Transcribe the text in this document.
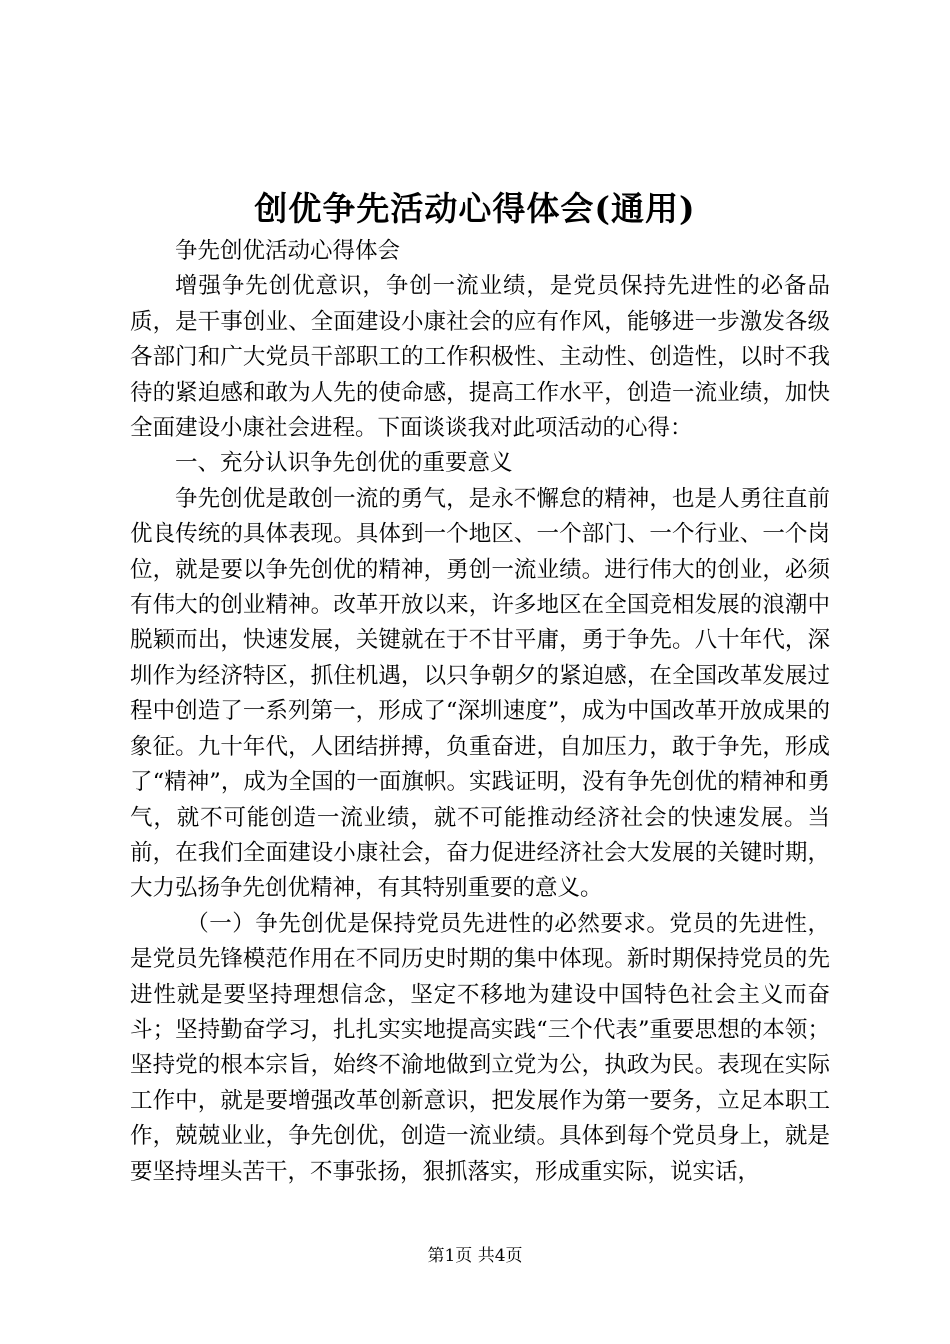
创优争先活动心得体会(通用)

争先创优活动心得体会

增强争先创优意识，争创一流业绩，是党员保持先进性的必备品质，是干事创业、全面建设小康社会的应有作风，能够进一步激发各级各部门和广大党员干部职工的工作积极性、主动性、创造性，以时不我待的紧迫感和敢为人先的使命感，提高工作水平，创造一流业绩，加快全面建设小康社会进程。下面谈谈我对此项活动的心得：

一、充分认识争先创优的重要意义

争先创优是敢创一流的勇气，是永不懈怠的精神，也是人勇往直前优良传统的具体表现。具体到一个地区、一个部门、一个行业、一个岗位，就是要以争先创优的精神，勇创一流业绩。进行伟大的创业，必须有伟大的创业精神。改革开放以来，许多地区在全国竞相发展的浪潮中脱颖而出，快速发展，关键就在于不甘平庸，勇于争先。八十年代，深圳作为经济特区，抓住机遇，以只争朝夕的紧迫感，在全国改革发展过程中创造了一系列第一，形成了“深圳速度”，成为中国改革开放成果的象征。九十年代，人团结拼搏，负重奋进，自加压力，敢于争先，形成了“精神”，成为全国的一面旗帜。实践证明，没有争先创优的精神和勇气，就不可能创造一流业绩，就不可能推动经济社会的快速发展。当前，在我们全面建设小康社会，奋力促进经济社会大发展的关键时期，大力弘扬争先创优精神，有其特别重要的意义。

（一）争先创优是保持党员先进性的必然要求。党员的先进性，是党员先锋模范作用在不同历史时期的集中体现。新时期保持党员的先进性就是要坚持理想信念，坚定不移地为建设中国特色社会主义而奋斗；坚持勤奋学习，扎扎实实地提高实践“三个代表”重要思想的本领；坚持党的根本宗旨，始终不渝地做到立党为公，执政为民。表现在实际工作中，就是要增强改革创新意识，把发展作为第一要务，立足本职工作，兢兢业业，争先创优，创造一流业绩。具体到每个党员身上，就是要坚持埋头苦干，不事张扬，狠抓落实，形成重实际，说实话，

第1页 共4页
